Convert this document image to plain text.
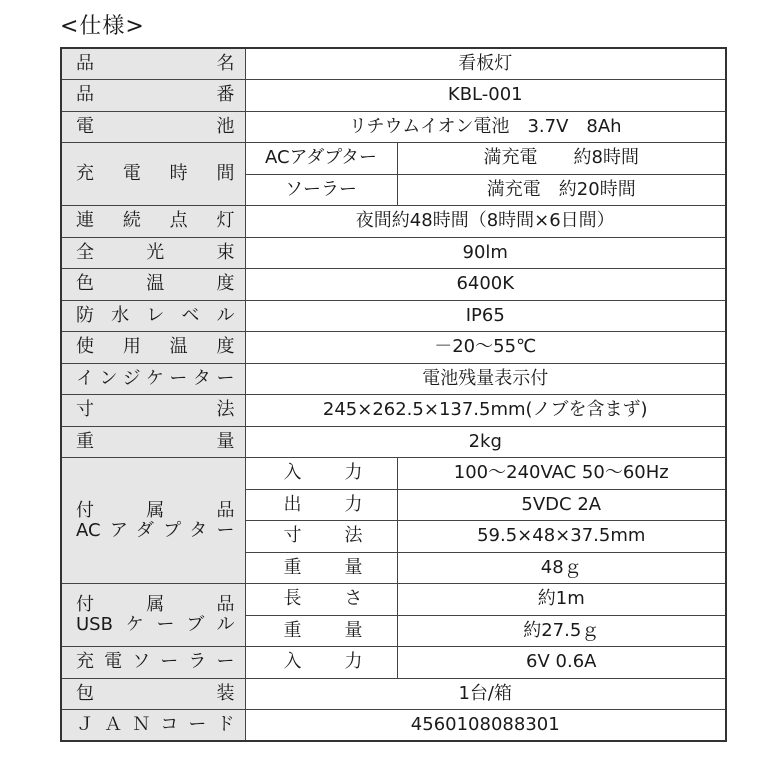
<仕様>
品　名	看板灯	
品　番	KBL-001	
電　池	リチウムイオン電池　3.7V　8Ah	
充電時間	ACアダプター	満充電　　約8時間
	ソーラー	満充電　約20時間
連続点灯	夜間約48時間（8時間×6日間）	
全光束	90lm	
色温度	6400K	
防水レベル	IP65	
使用温度	－20～55℃	
インジケーター	電池残量表示付	
寸　法	245×262.5×137.5mm(ノブを含まず)	
重　量	2kg	

付属品
ACアダプター	入力	100～240VAC 50～60Hz
	出力	5VDC 2A
	寸法	59.5×48×37.5mm
	重量	48ｇ

付属品
USBケーブル	長さ	約1m
	重量	約27.5ｇ
充電ソーラー	入力	6V 0.6A
包　装	1台/箱	
ＪＡＮコード	4560108088301	
